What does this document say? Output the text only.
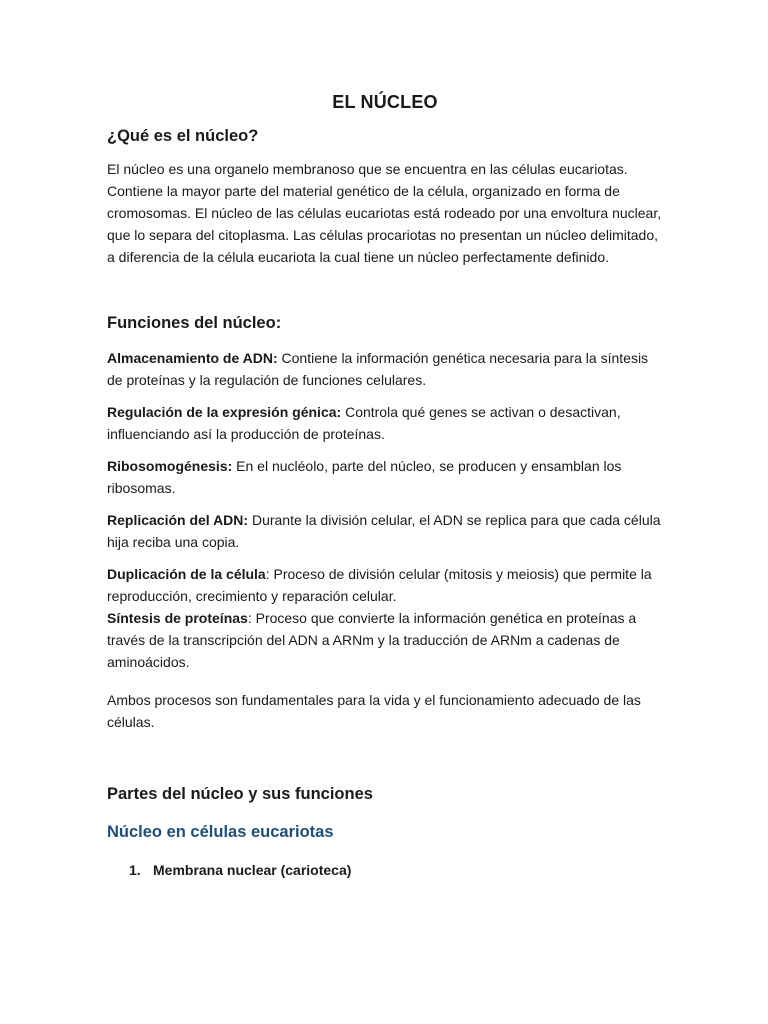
EL NÚCLEO
¿Qué es el núcleo?

El núcleo es una organelo membranoso que se encuentra en las células eucariotas. Contiene la mayor parte del material genético de la célula, organizado en forma de cromosomas. El núcleo de las células eucariotas está rodeado por una envoltura nuclear, que lo separa del citoplasma. Las células procariotas no presentan un núcleo delimitado, a diferencia de la célula eucariota la cual tiene un núcleo perfectamente definido.

Funciones del núcleo:

Almacenamiento de ADN: Contiene la información genética necesaria para la síntesis de proteínas y la regulación de funciones celulares.

Regulación de la expresión génica: Controla qué genes se activan o desactivan, influenciando así la producción de proteínas.

Ribosomogénesis: En el nucléolo, parte del núcleo, se producen y ensamblan los ribosomas.

Replicación del ADN: Durante la división celular, el ADN se replica para que cada célula hija reciba una copia.

Duplicación de la célula: Proceso de división celular (mitosis y meiosis) que permite la reproducción, crecimiento y reparación celular.

Síntesis de proteínas: Proceso que convierte la información genética en proteínas a través de la transcripción del ADN a ARNm y la traducción de ARNm a cadenas de aminoácidos.

Ambos procesos son fundamentales para la vida y el funcionamiento adecuado de las células.

Partes del núcleo y sus funciones
Núcleo en células eucariotas
1. Membrana nuclear (carioteca)
